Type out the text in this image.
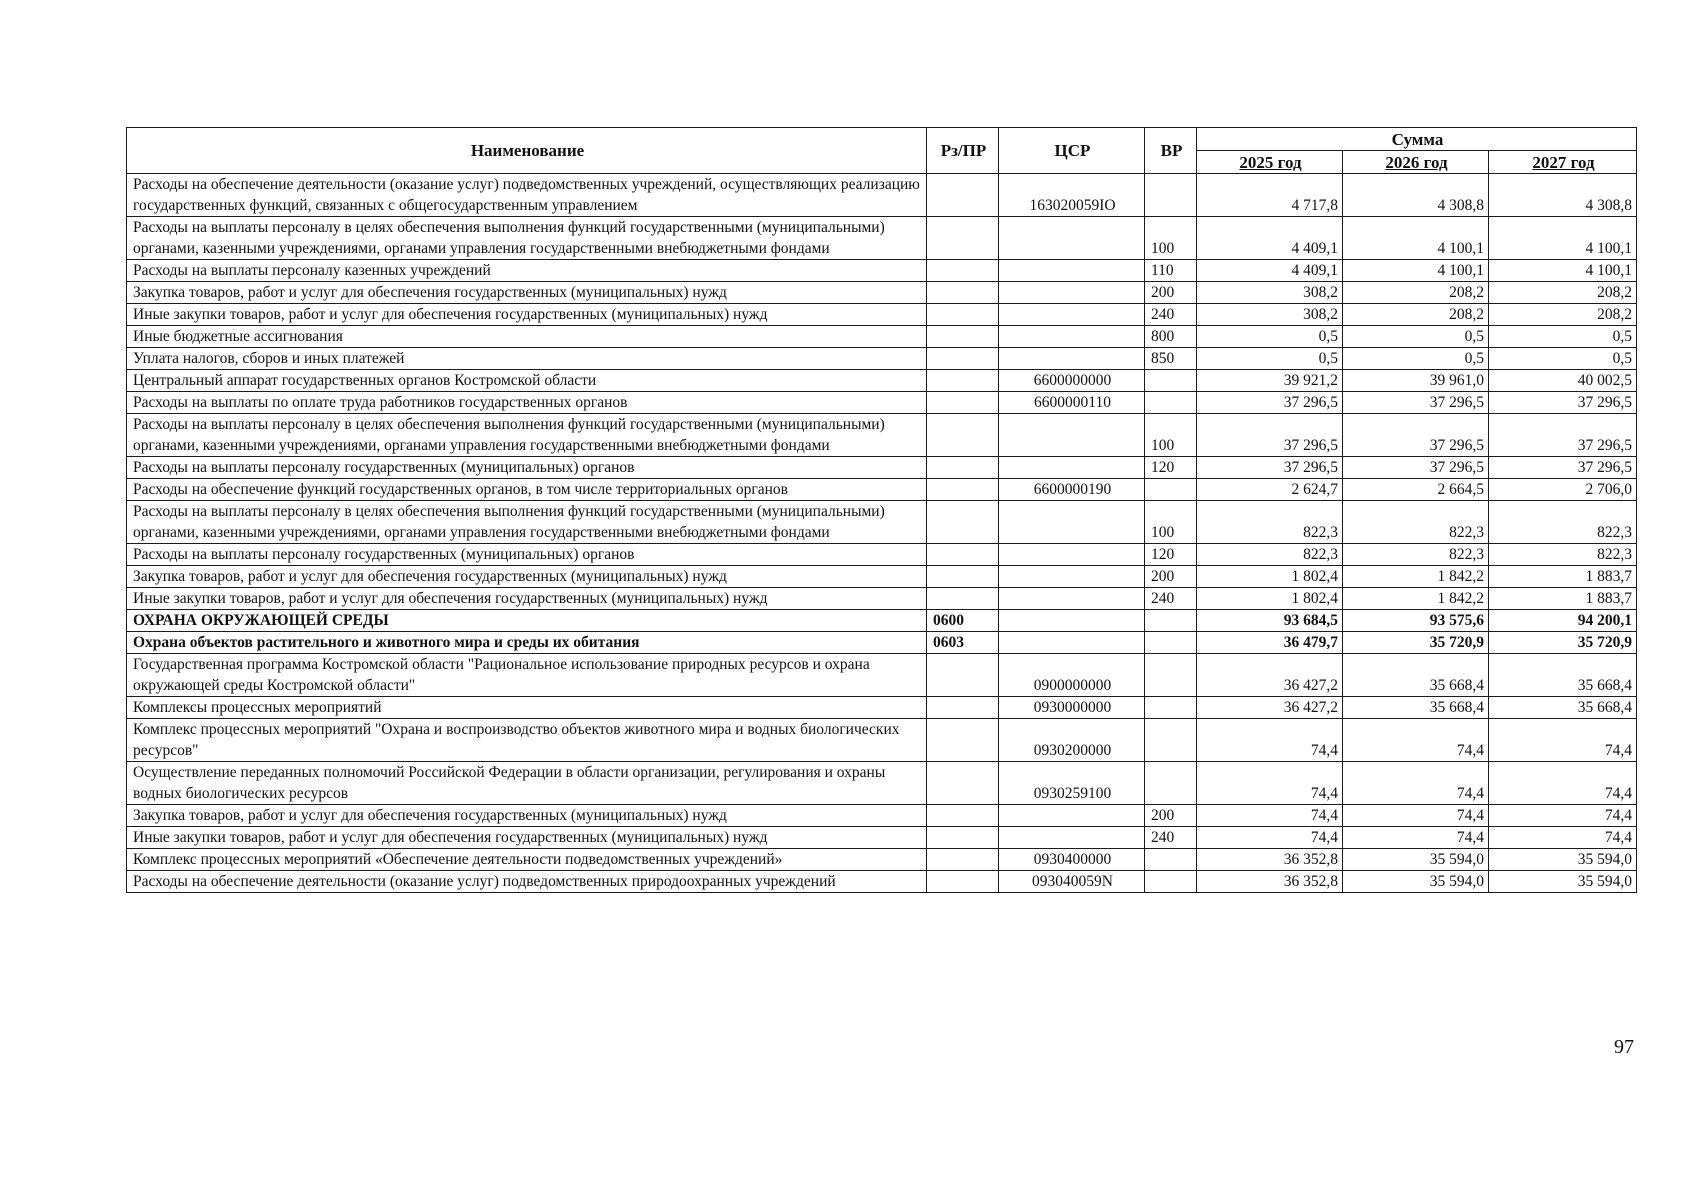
Наименование	Рз/ПР	ЦСР	ВР	Сумма		
				2025 год	2026 год	2027 год
Расходы на обеспечение деятельности (оказание услуг) подведомственных учреждений, осуществляющих реализацию государственных функций, связанных с общегосударственным управлением		163020059IO		4 717,8	4 308,8	4 308,8
Расходы на выплаты персоналу в целях обеспечения выполнения функций государственными (муниципальными) органами, казенными учреждениями, органами управления государственными внебюджетными фондами			100	4 409,1	4 100,1	4 100,1
Расходы на выплаты персоналу казенных учреждений			110	4 409,1	4 100,1	4 100,1
Закупка товаров, работ и услуг для обеспечения государственных (муниципальных) нужд			200	308,2	208,2	208,2
Иные закупки товаров, работ и услуг для обеспечения государственных (муниципальных) нужд			240	308,2	208,2	208,2
Иные бюджетные ассигнования			800	0,5	0,5	0,5
Уплата налогов, сборов и иных платежей			850	0,5	0,5	0,5
Центральный аппарат государственных органов Костромской области		6600000000		39 921,2	39 961,0	40 002,5
Расходы на выплаты по оплате труда работников государственных органов		6600000110		37 296,5	37 296,5	37 296,5
Расходы на выплаты персоналу в целях обеспечения выполнения функций государственными (муниципальными) органами, казенными учреждениями, органами управления государственными внебюджетными фондами			100	37 296,5	37 296,5	37 296,5
Расходы на выплаты персоналу государственных (муниципальных) органов			120	37 296,5	37 296,5	37 296,5
Расходы на обеспечение функций государственных органов, в том числе территориальных органов		6600000190		2 624,7	2 664,5	2 706,0
Расходы на выплаты персоналу в целях обеспечения выполнения функций государственными (муниципальными) органами, казенными учреждениями, органами управления государственными внебюджетными фондами			100	822,3	822,3	822,3
Расходы на выплаты персоналу государственных (муниципальных) органов			120	822,3	822,3	822,3
Закупка товаров, работ и услуг для обеспечения государственных (муниципальных) нужд			200	1 802,4	1 842,2	1 883,7
Иные закупки товаров, работ и услуг для обеспечения государственных (муниципальных) нужд			240	1 802,4	1 842,2	1 883,7
ОХРАНА ОКРУЖАЮЩЕЙ СРЕДЫ	0600			93 684,5	93 575,6	94 200,1
Охрана объектов растительного и животного мира и среды их обитания	0603			36 479,7	35 720,9	35 720,9
Государственная программа Костромской области "Рациональное использование природных ресурсов и охрана окружающей среды Костромской области"		0900000000		36 427,2	35 668,4	35 668,4
Комплексы процессных мероприятий		0930000000		36 427,2	35 668,4	35 668,4
Комплекс процессных мероприятий "Охрана и воспроизводство объектов животного мира и водных биологических ресурсов"		0930200000		74,4	74,4	74,4
Осуществление переданных полномочий Российской Федерации в области организации, регулирования и охраны водных биологических ресурсов		0930259100		74,4	74,4	74,4
Закупка товаров, работ и услуг для обеспечения государственных (муниципальных) нужд			200	74,4	74,4	74,4
Иные закупки товаров, работ и услуг для обеспечения государственных (муниципальных) нужд			240	74,4	74,4	74,4
Комплекс процессных мероприятий «Обеспечение деятельности подведомственных учреждений»		0930400000		36 352,8	35 594,0	35 594,0
Расходы на обеспечение деятельности (оказание услуг) подведомственных природоохранных учреждений		093040059N		36 352,8	35 594,0	35 594,0
97
